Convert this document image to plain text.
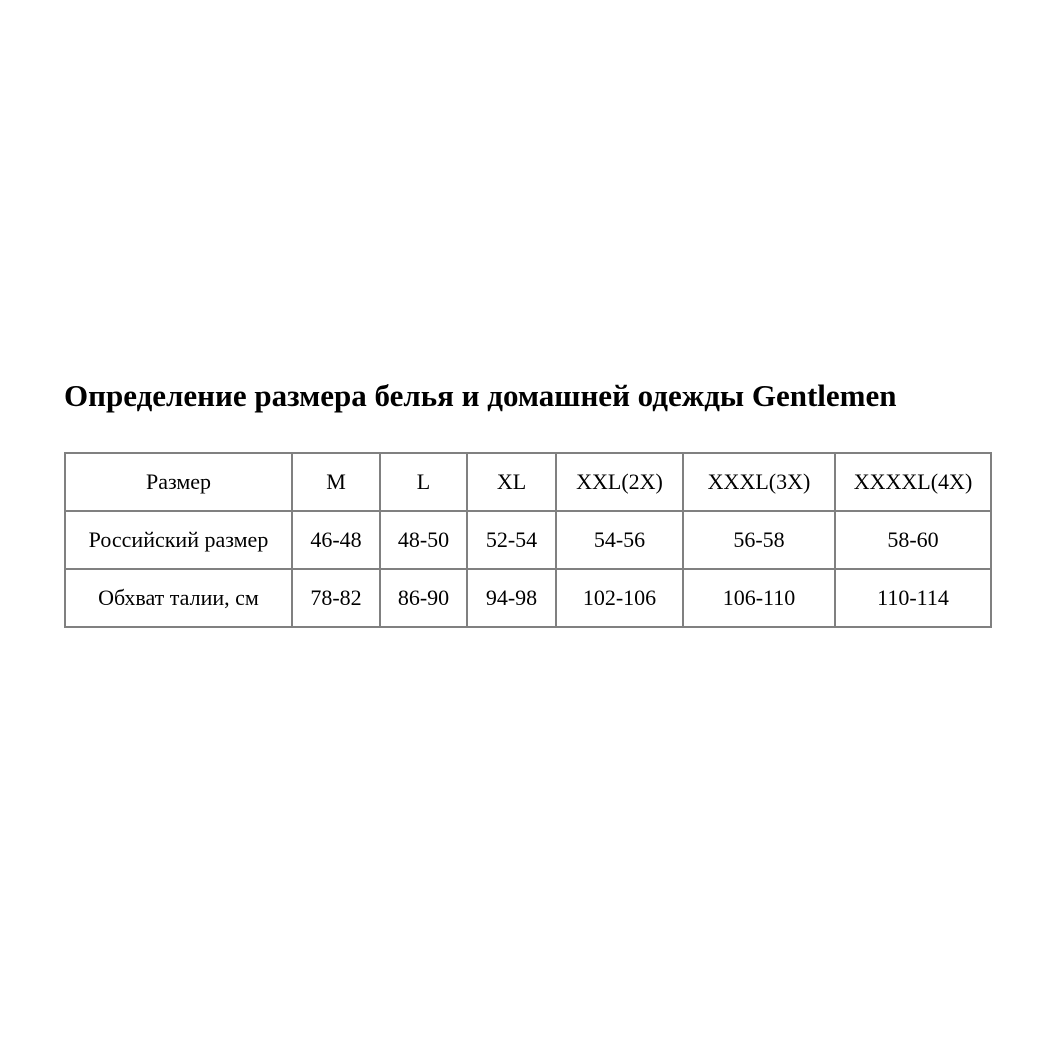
Определение размера белья и домашней одежды Gentlemen
Размер	M	L	XL	XXL(2X)	XXXL(3X)	XXXXL(4X)
Российский размер	46-48	48-50	52-54	54-56	56-58	58-60
Обхват талии, см	78-82	86-90	94-98	102-106	106-110	110-114
